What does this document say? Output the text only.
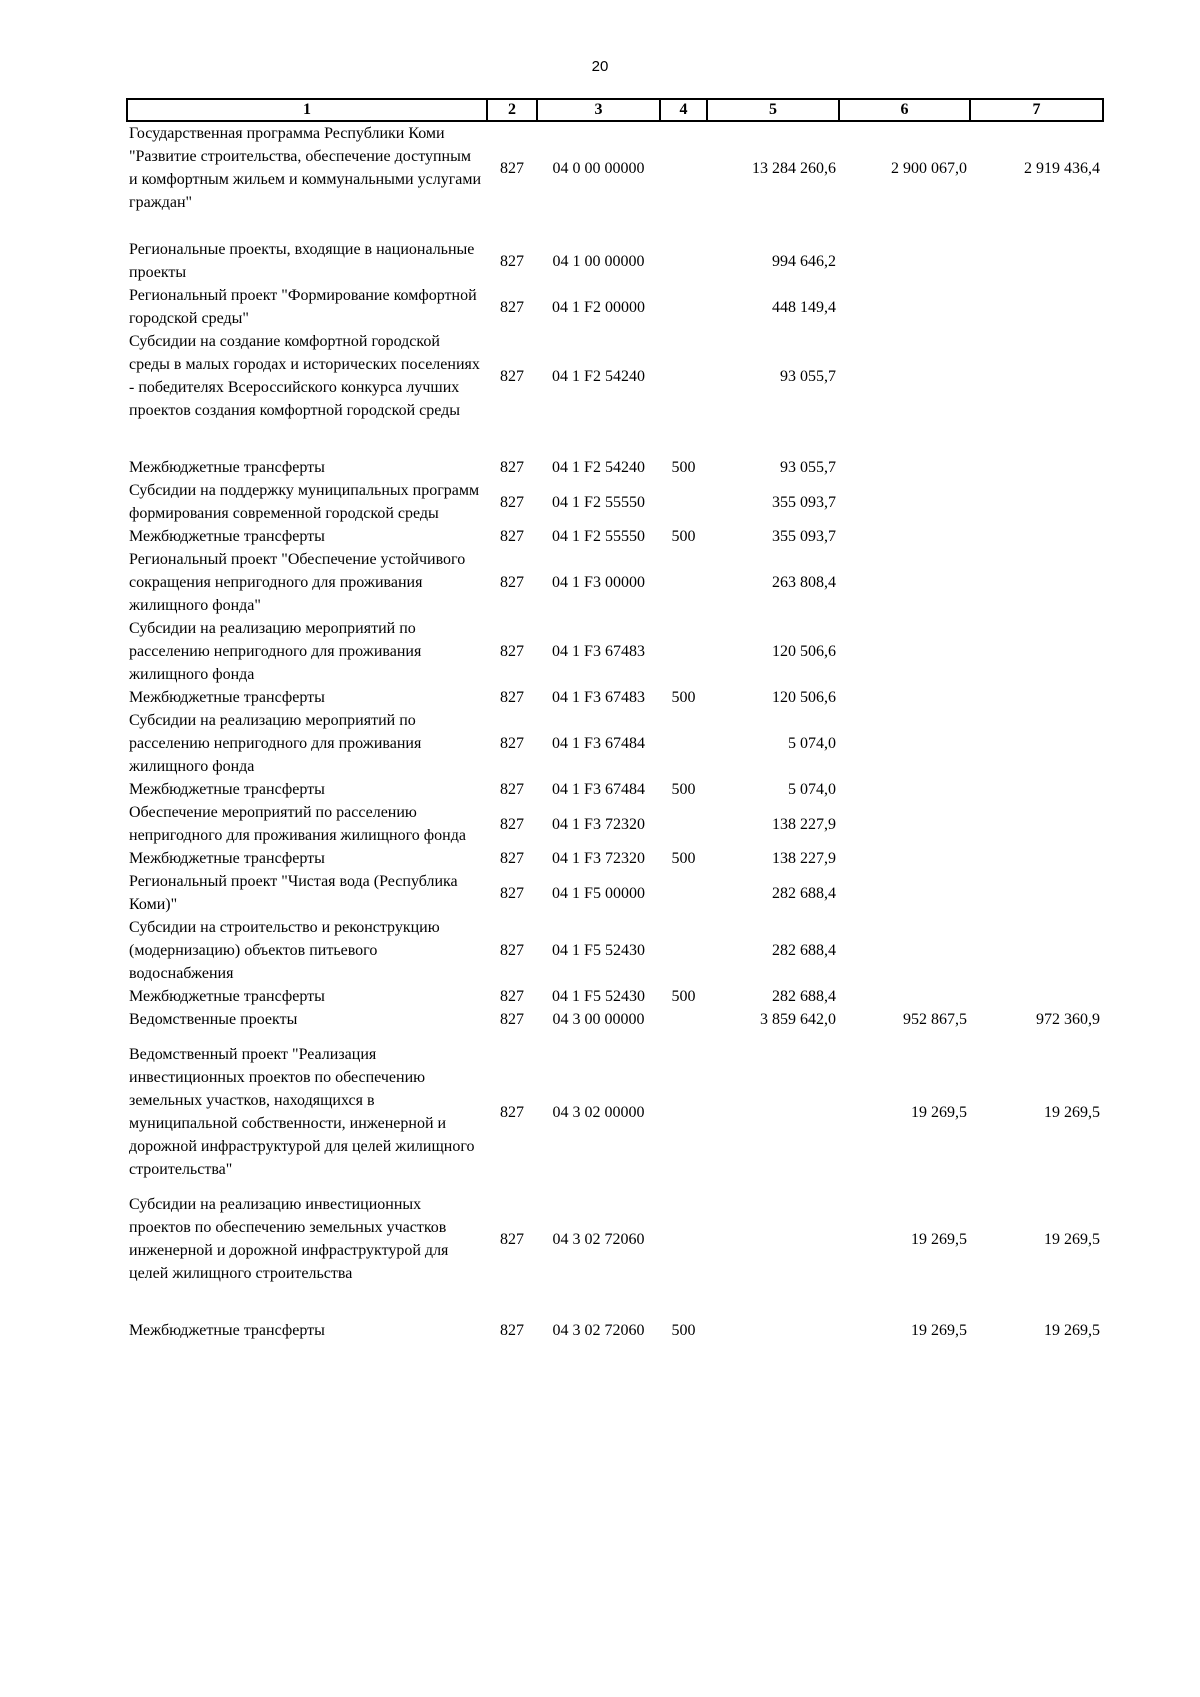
20
1	2	3	4	5	6	7
Государственная программа Республики Коми "Развитие строительства, обеспечение доступным и комфортным жильем и коммунальными услугами граждан"	827	04 0 00 00000		13 284 260,6	2 900 067,0	2 919 436,4
Региональные проекты, входящие в национальные проекты	827	04 1 00 00000		994 646,2		
Региональный проект "Формирование комфортной городской среды"	827	04 1 F2 00000		448 149,4		
Субсидии на создание комфортной городской среды в малых городах и исторических поселениях - победителях Всероссийского конкурса лучших проектов создания комфортной городской среды	827	04 1 F2 54240		93 055,7		
Межбюджетные трансферты	827	04 1 F2 54240	500	93 055,7		
Субсидии на поддержку муниципальных программ формирования современной городской среды	827	04 1 F2 55550		355 093,7		
Межбюджетные трансферты	827	04 1 F2 55550	500	355 093,7		
Региональный проект "Обеспечение устойчивого сокращения непригодного для проживания жилищного фонда"	827	04 1 F3 00000		263 808,4		
Субсидии на реализацию мероприятий по расселению непригодного для проживания жилищного фонда	827	04 1 F3 67483		120 506,6		
Межбюджетные трансферты	827	04 1 F3 67483	500	120 506,6		
Субсидии на реализацию мероприятий по расселению непригодного для проживания жилищного фонда	827	04 1 F3 67484		5 074,0		
Межбюджетные трансферты	827	04 1 F3 67484	500	5 074,0		
Обеспечение мероприятий по расселению непригодного для проживания жилищного фонда	827	04 1 F3 72320		138 227,9		
Межбюджетные трансферты	827	04 1 F3 72320	500	138 227,9		
Региональный проект "Чистая вода (Республика Коми)"	827	04 1 F5 00000		282 688,4		
Субсидии на строительство и реконструкцию (модернизацию) объектов питьевого водоснабжения	827	04 1 F5 52430		282 688,4		
Межбюджетные трансферты	827	04 1 F5 52430	500	282 688,4		
Ведомственные проекты	827	04 3 00 00000		3 859 642,0	952 867,5	972 360,9
Ведомственный проект "Реализация инвестиционных проектов по обеспечению земельных участков, находящихся в муниципальной собственности, инженерной и дорожной инфраструктурой для целей жилищного строительства"	827	04 3 02 00000			19 269,5	19 269,5
Субсидии на реализацию инвестиционных проектов по обеспечению земельных участков инженерной и дорожной инфраструктурой для целей жилищного строительства	827	04 3 02 72060			19 269,5	19 269,5
Межбюджетные трансферты	827	04 3 02 72060	500		19 269,5	19 269,5
